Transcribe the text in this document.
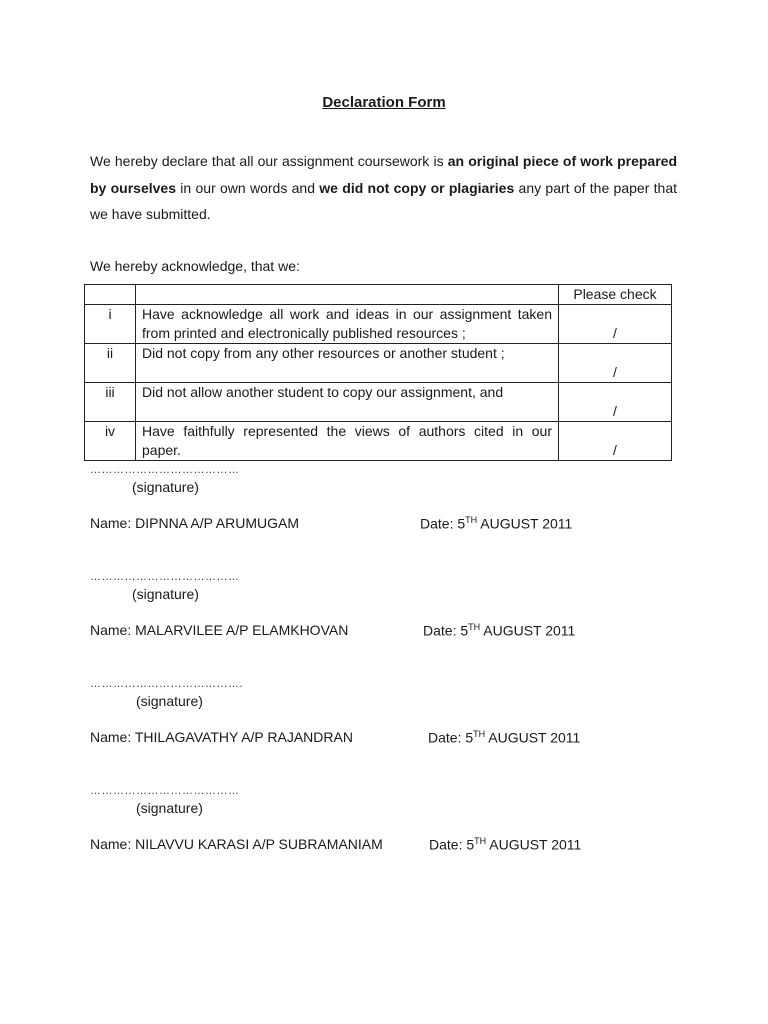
Declaration Form
We hereby declare that all our assignment coursework is an original piece of work prepared by ourselves in our own words and we did not copy or plagiaries any part of the paper that we have submitted.
We hereby acknowledge, that we:
		Please check
i	Have acknowledge all work and ideas in our assignment taken from printed and electronically published resources ;	/

ii	Did not copy from any other resources or another student ;	/

iii	Did not allow another student to copy our assignment, and	/

iv	Have faithfully represented the views of authors cited in our paper.	/
…………………………………
(signature)
Name: DIPNNA A/P ARUMUGAM	Date: 5TH AUGUST 2011
…………………………………
(signature)
Name: MALARVILEE A/P ELAMKHOVAN	Date: 5TH AUGUST 2011
………………………………….
(signature)
Name: THILAGAVATHY A/P RAJANDRAN	Date: 5TH AUGUST 2011
…………………………………
(signature)
Name: NILAVVU KARASI A/P SUBRAMANIAM	Date: 5TH AUGUST 2011
